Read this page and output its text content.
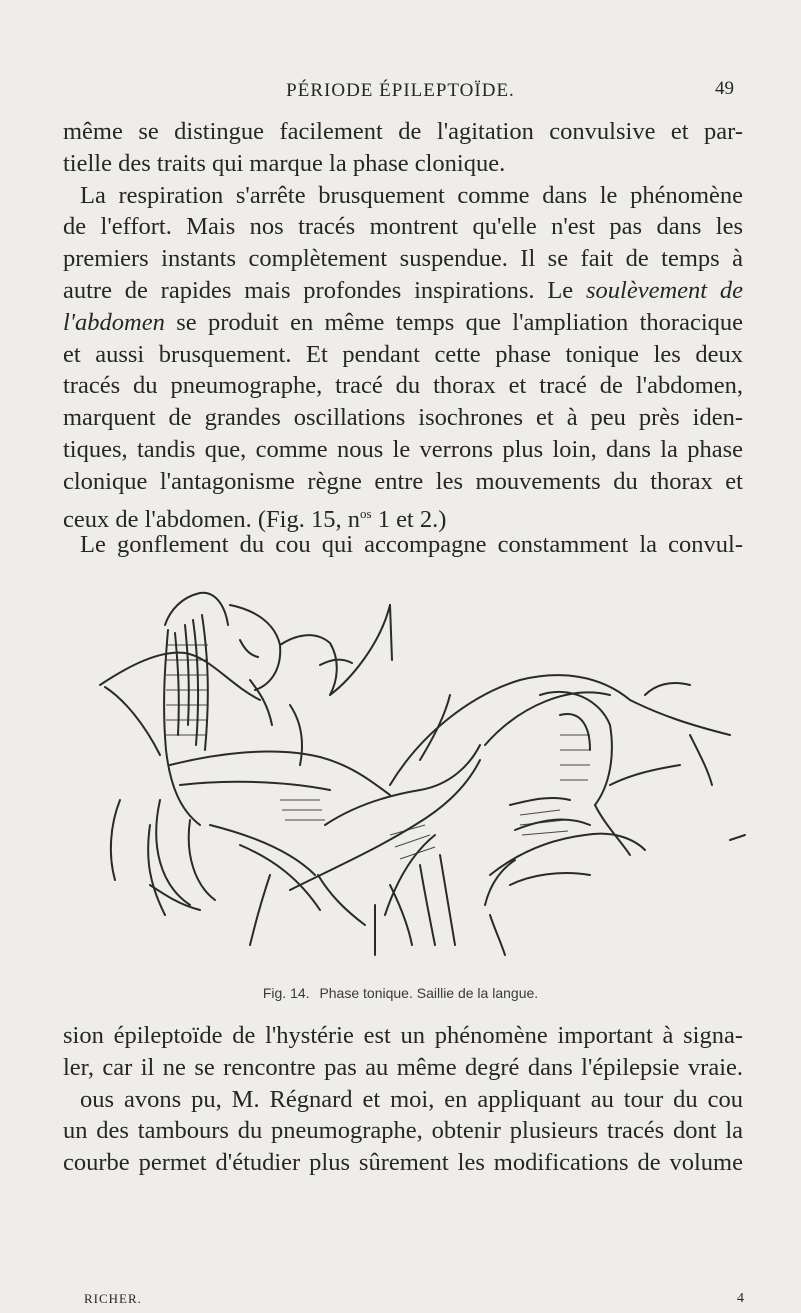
PÉRIODE ÉPILEPTOÏDE.	49

même se distingue facilement de l'agitation convulsive et par-
tielle des traits qui marque la phase clonique.

La respiration s'arrête brusquement comme dans le phénomène
de l'effort. Mais nos tracés montrent qu'elle n'est pas dans les
premiers instants complètement suspendue. Il se fait de temps à
autre de rapides mais profondes inspirations. Le soulèvement de
l'abdomen se produit en même temps que l'ampliation thoracique
et aussi brusquement. Et pendant cette phase tonique les deux
tracés du pneumographe, tracé du thorax et tracé de l'abdomen,
marquent de grandes oscillations isochrones et à peu près iden-
tiques, tandis que, comme nous le verrons plus loin, dans la phase
clonique l'antagonisme règne entre les mouvements du thorax et
ceux de l'abdomen. (Fig. 15, $n^{os}$ 1 et 2.)

Le gonflement du cou qui accompagne constamment la convul-

Fig. 14. Phase tonique. Saillie de la langue.

sion épileptoïde de l'hystérie est un phénomène important à signa-
ler, car il ne se rencontre pas au même degré dans l'épilepsie vraie.

ous avons pu, M. Régnard et moi, en appliquant au tour du cou
un des tambours du pneumographe, obtenir plusieurs tracés dont la
courbe permet d'étudier plus sûrement les modifications de volume

RICHER.	4
